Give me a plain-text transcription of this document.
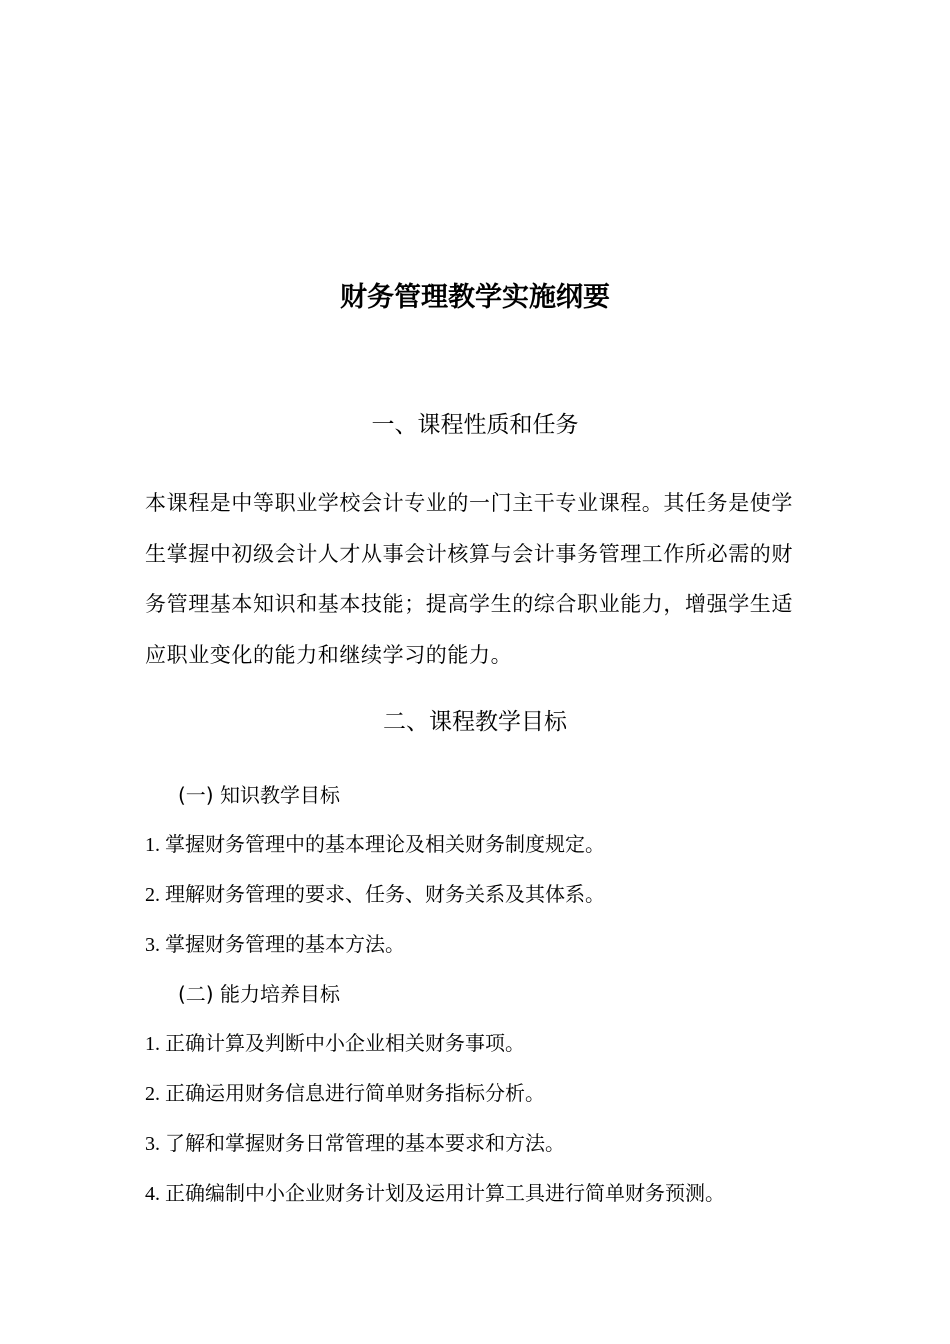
财务管理教学实施纲要
一、课程性质和任务

本课程是中等职业学校会计专业的一门主干专业课程。其任务是使学生掌握中初级会计人才从事会计核算与会计事务管理工作所必需的财务管理基本知识和基本技能；提高学生的综合职业能力，增强学生适应职业变化的能力和继续学习的能力。

二、课程教学目标
(一) 知识教学目标
1. 掌握财务管理中的基本理论及相关财务制度规定。
2. 理解财务管理的要求、任务、财务关系及其体系。
3. 掌握财务管理的基本方法。
(二) 能力培养目标
1. 正确计算及判断中小企业相关财务事项。
2. 正确运用财务信息进行简单财务指标分析。
3. 了解和掌握财务日常管理的基本要求和方法。
4. 正确编制中小企业财务计划及运用计算工具进行简单财务预测。
